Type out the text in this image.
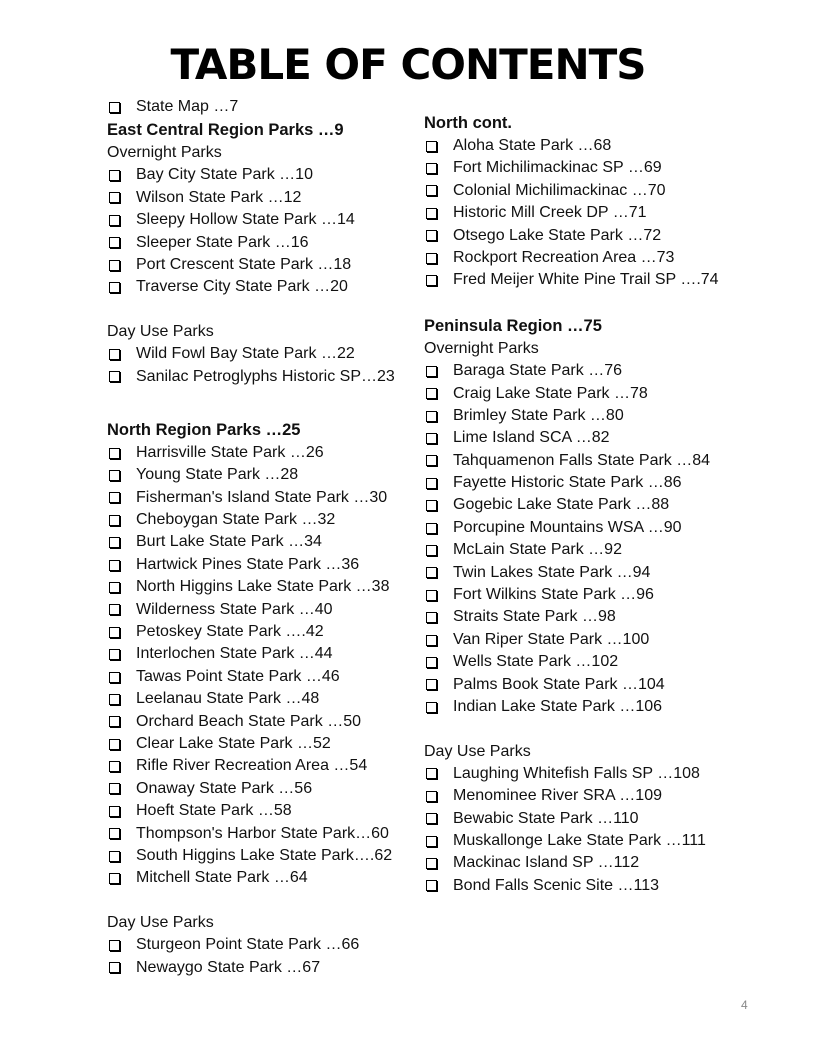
TABLE OF CONTENTS
State Map …7
East Central Region Parks …9
Overnight Parks
Bay City State Park …10
Wilson State Park …12
Sleepy Hollow State Park …14
Sleeper State Park …16
Port Crescent State Park …18
Traverse City State Park …20
Day Use Parks
Wild Fowl Bay State Park …22
Sanilac Petroglyphs Historic SP…23
North Region Parks …25
Harrisville State Park …26
Young State Park …28
Fisherman's Island State Park …30
Cheboygan State Park …32
Burt Lake State Park …34
Hartwick Pines State Park …36
North Higgins Lake State Park …38
Wilderness State Park …40
Petoskey State Park ….42
Interlochen State Park …44
Tawas Point State Park …46
Leelanau State Park …48
Orchard Beach State Park …50
Clear Lake State Park …52
Rifle River Recreation Area …54
Onaway State Park …56
Hoeft State Park …58
Thompson's Harbor State Park…60
South Higgins Lake State Park….62
Mitchell State Park …64
Day Use Parks
Sturgeon Point State Park …66
Newaygo State Park …67
North cont.
Aloha State Park …68
Fort Michilimackinac SP …69
Colonial Michilimackinac …70
Historic Mill Creek DP …71
Otsego Lake State Park …72
Rockport Recreation Area …73
Fred Meijer White Pine Trail SP ….74
Peninsula Region …75
Overnight Parks
Baraga State Park …76
Craig Lake State Park …78
Brimley State Park …80
Lime Island SCA …82
Tahquamenon Falls State Park …84
Fayette Historic State Park …86
Gogebic Lake State Park …88
Porcupine Mountains WSA …90
McLain State Park …92
Twin Lakes State Park …94
Fort Wilkins State Park …96
Straits State Park …98
Van Riper State Park …100
Wells State Park …102
Palms Book State Park …104
Indian Lake State Park …106
Day Use Parks
Laughing Whitefish Falls SP …108
Menominee River SRA …109
Bewabic State Park …110
Muskallonge Lake State Park …111
Mackinac Island SP …112
Bond Falls Scenic Site …113
4
